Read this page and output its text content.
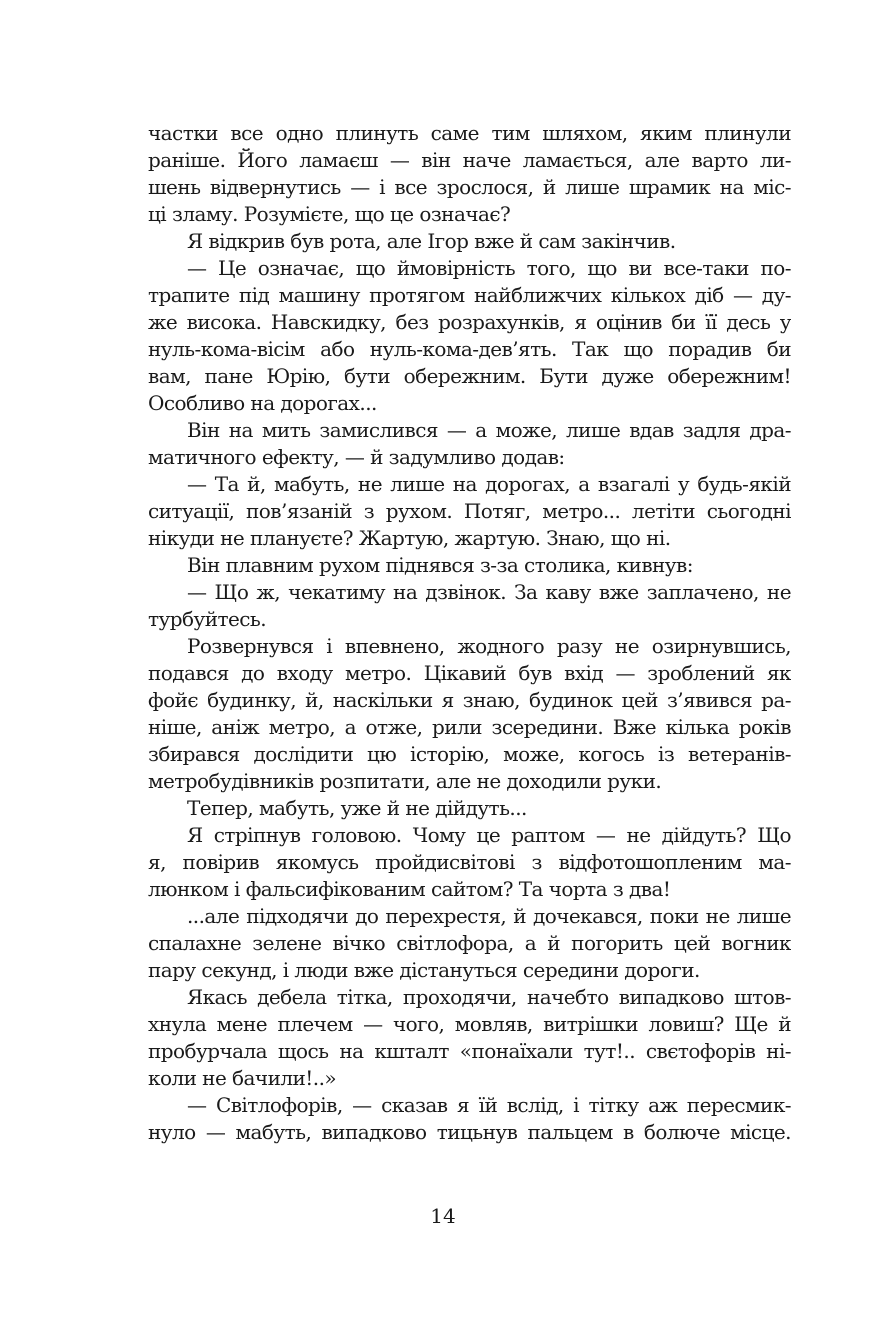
частки все одно плинуть саме тим шляхом, яким плинули
раніше. Його ламаєш — він наче ламається, але варто ли-
шень відвернутись — і все зрослося, й лише шрамик на міс-
ці зламу. Розумієте, що це означає?
Я відкрив був рота, але Ігор вже й сам закінчив.
— Це означає, що ймовірність того, що ви все-таки по-
трапите під машину протягом найближчих кількох діб — ду-
же висока. Навскидку, без розрахунків, я оцінив би її десь у
нуль-кома-вісім або нуль-кома-дев’ять. Так що порадив би
вам, пане Юрію, бути обережним. Бути дуже обережним!
Особливо на дорогах...
Він на мить замислився — а може, лише вдав задля дра-
матичного ефекту, — й задумливо додав:
— Та й, мабуть, не лише на дорогах, а взагалі у будь-якій
ситуації, пов’язаній з рухом. Потяг, метро... летіти сьогодні
нікуди не плануєте? Жартую, жартую. Знаю, що ні.
Він плавним рухом піднявся з-за столика, кивнув:
— Що ж, чекатиму на дзвінок. За каву вже заплачено, не
турбуйтесь.
Розвернувся і впевнено, жодного разу не озирнувшись,
подався до входу метро. Цікавий був вхід — зроблений як
фойє будинку, й, наскільки я знаю, будинок цей з’явився ра-
ніше, аніж метро, а отже, рили зсередини. Вже кілька років
збирався дослідити цю історію, може, когось із ветеранів-
метробудівників розпитати, але не доходили руки.
Тепер, мабуть, уже й не дійдуть...
Я стріпнув головою. Чому це раптом — не дійдуть? Що
я, повірив якомусь пройдисвітові з відфотошопленим ма-
люнком і фальсифікованим сайтом? Та чорта з два!
...але підходячи до перехрестя, й дочекався, поки не лише
спалахне зелене вічко світлофора, а й погорить цей вогник
пару секунд, і люди вже дістануться середини дороги.
Якась дебела тітка, проходячи, начебто випадково штов-
хнула мене плечем — чого, мовляв, витрішки ловиш? Ще й
пробурчала щось на кшталт «понаїхали тут!.. свєтофорів ні-
коли не бачили!..»
— Світлофорів, — сказав я їй вслід, і тітку аж пересмик-
нуло — мабуть, випадково тицьнув пальцем в болюче місце.
14
